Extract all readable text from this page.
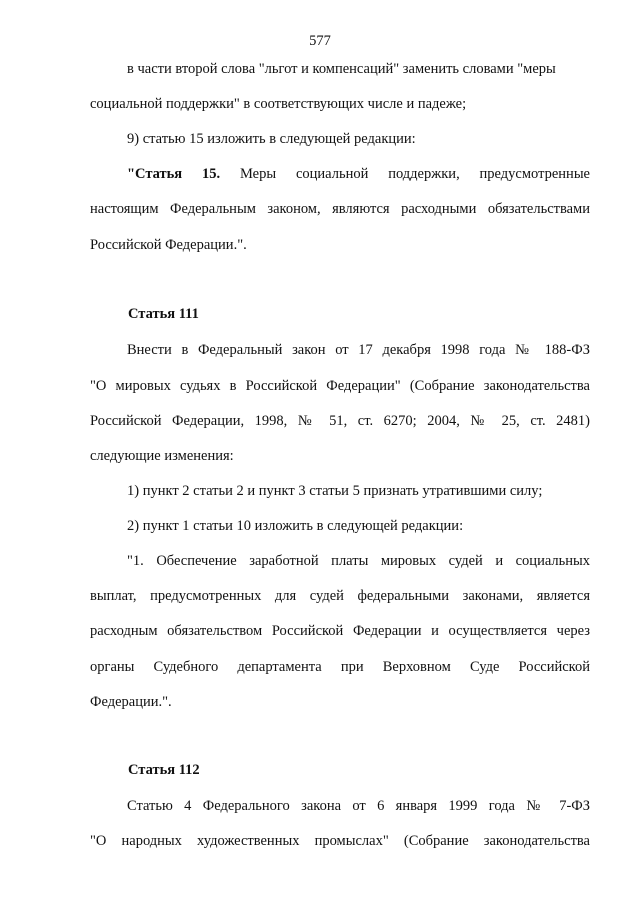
577
в части второй слова "льгот и компенсаций" заменить словами "меры
социальной поддержки" в соответствующих числе и падеже;
9) статью 15 изложить в следующей редакции:
"Статья 15. Меры социальной поддержки, предусмотренные
настоящим Федеральным законом, являются расходными обязательствами
Российской Федерации.".
Статья 111
Внести в Федеральный закон от 17 декабря 1998 года № 188-ФЗ
"О мировых судьях в Российской Федерации" (Собрание законодательства
Российской Федерации, 1998, № 51, ст. 6270; 2004, № 25, ст. 2481)
следующие изменения:
1) пункт 2 статьи 2 и пункт 3 статьи 5 признать утратившими силу;
2) пункт 1 статьи 10 изложить в следующей редакции:
"1. Обеспечение заработной платы мировых судей и социальных
выплат, предусмотренных для судей федеральными законами, является
расходным обязательством Российской Федерации и осуществляется через
органы Судебного департамента при Верховном Суде Российской
Федерации.".
Статья 112
Статью 4 Федерального закона от 6 января 1999 года № 7-ФЗ
"О народных художественных промыслах" (Собрание законодательства
